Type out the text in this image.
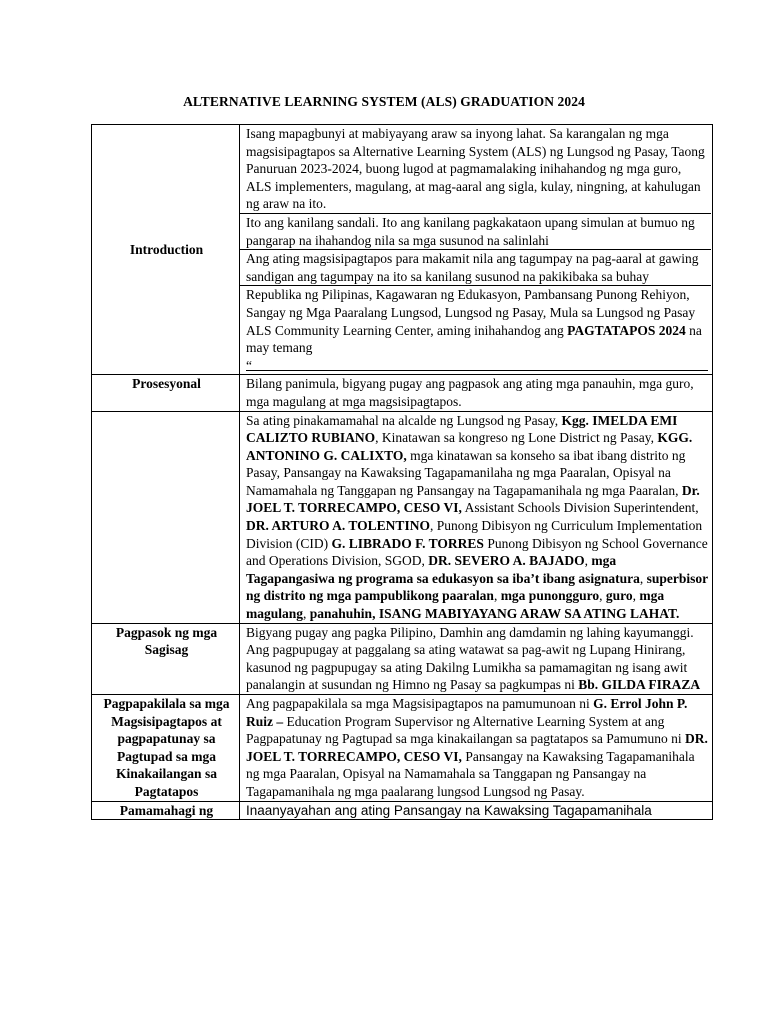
ALTERNATIVE LEARNING SYSTEM (ALS) GRADUATION 2024
Introduction	Isang mapagbunyi at mabiyayang araw sa inyong lahat. Sa karangalan ng mga magsisipagtapos sa Alternative Learning System (ALS) ng Lungsod ng Pasay, Taong Panuruan 2023-2024, buong lugod at pagmamalaking inihahandog ng mga guro, ALS implementers, magulang, at mag-aaral ang sigla, kulay, ningning, at kahulugan ng araw na ito.
Ito ang kanilang sandali. Ito ang kanilang pagkakataon upang simulan at bumuo ng pangarap na ihahandog nila sa mga susunod na salinlahi
Ang ating magsisipagtapos para makamit nila ang tagumpay na pag-aaral at gawing sandigan ang tagumpay na ito sa kanilang susunod na pakikibaka sa buhay
Republika ng Pilipinas, Kagawaran ng Edukasyon, Pambansang Punong Rehiyon, Sangay ng Mga Paaralang Lungsod, Lungsod ng Pasay, Mula sa Lungsod ng Pasay ALS Community Learning Center, aming inihahandog ang PAGTATAPOS 2024 na may temang
“

Prosesyonal	Bilang panimula, bigyang pugay ang pagpasok ang ating mga panauhin, mga guro, mga magulang at mga magsisipagtapos.
	Sa ating pinakamamahal na alcalde ng Lungsod ng Pasay, Kgg. IMELDA EMI CALIZTO RUBIANO, Kinatawan sa kongreso ng Lone District ng Pasay, KGG. ANTONINO G. CALIXTO, mga kinatawan sa konseho sa ibat ibang distrito ng Pasay, Pansangay na Kawaksing Tagapamanilaha ng mga Paaralan, Opisyal na Namamahala ng Tanggapan ng Pansangay na Tagapamanihala ng mga Paaralan, Dr. JOEL T. TORRECAMPO, CESO VI, Assistant Schools Division Superintendent, DR. ARTURO A. TOLENTINO, Punong Dibisyon ng Curriculum Implementation Division (CID) G. LIBRADO F. TORRES Punong Dibisyon ng School Governance and Operations Division, SGOD, DR. SEVERO A. BAJADO, mga Tagapangasiwa ng programa sa edukasyon sa iba’t ibang asignatura, superbisor ng distrito ng mga pampublikong paaralan, mga punongguro, guro, mga magulang, panahuhin, ISANG MABIYAYANG ARAW SA ATING LAHAT.
Pagpasok ng mga Sagisag	Bigyang pugay ang pagka Pilipino, Damhin ang damdamin ng lahing kayumanggi. Ang pagpupugay at paggalang sa ating watawat sa pag-awit ng Lupang Hinirang, kasunod ng pagpupugay sa ating Dakilng Lumikha sa pamamagitan ng isang awit panalangin at susundan ng Himno ng Pasay sa pagkumpas ni Bb. GILDA FIRAZA
Pagpapakilala sa mga Magsisipagtapos at pagpapatunay sa Pagtupad sa mga Kinakailangan sa Pagtatapos	Ang pagpapakilala sa mga Magsisipagtapos na pamumunoan ni G. Errol John P. Ruiz – Education Program Supervisor ng Alternative Learning System at ang Pagpapatunay ng Pagtupad sa mga kinakailangan sa pagtatapos sa Pamumuno ni DR. JOEL T. TORRECAMPO, CESO VI, Pansangay na Kawaksing Tagapamanihala ng mga Paaralan, Opisyal na Namamahala sa Tanggapan ng Pansangay na Tagapamanihala ng mga paalarang lungsod Lungsod ng Pasay.
Pamamahagi ng	Inaanyayahan ang ating Pansangay na Kawaksing Tagapamanihala
